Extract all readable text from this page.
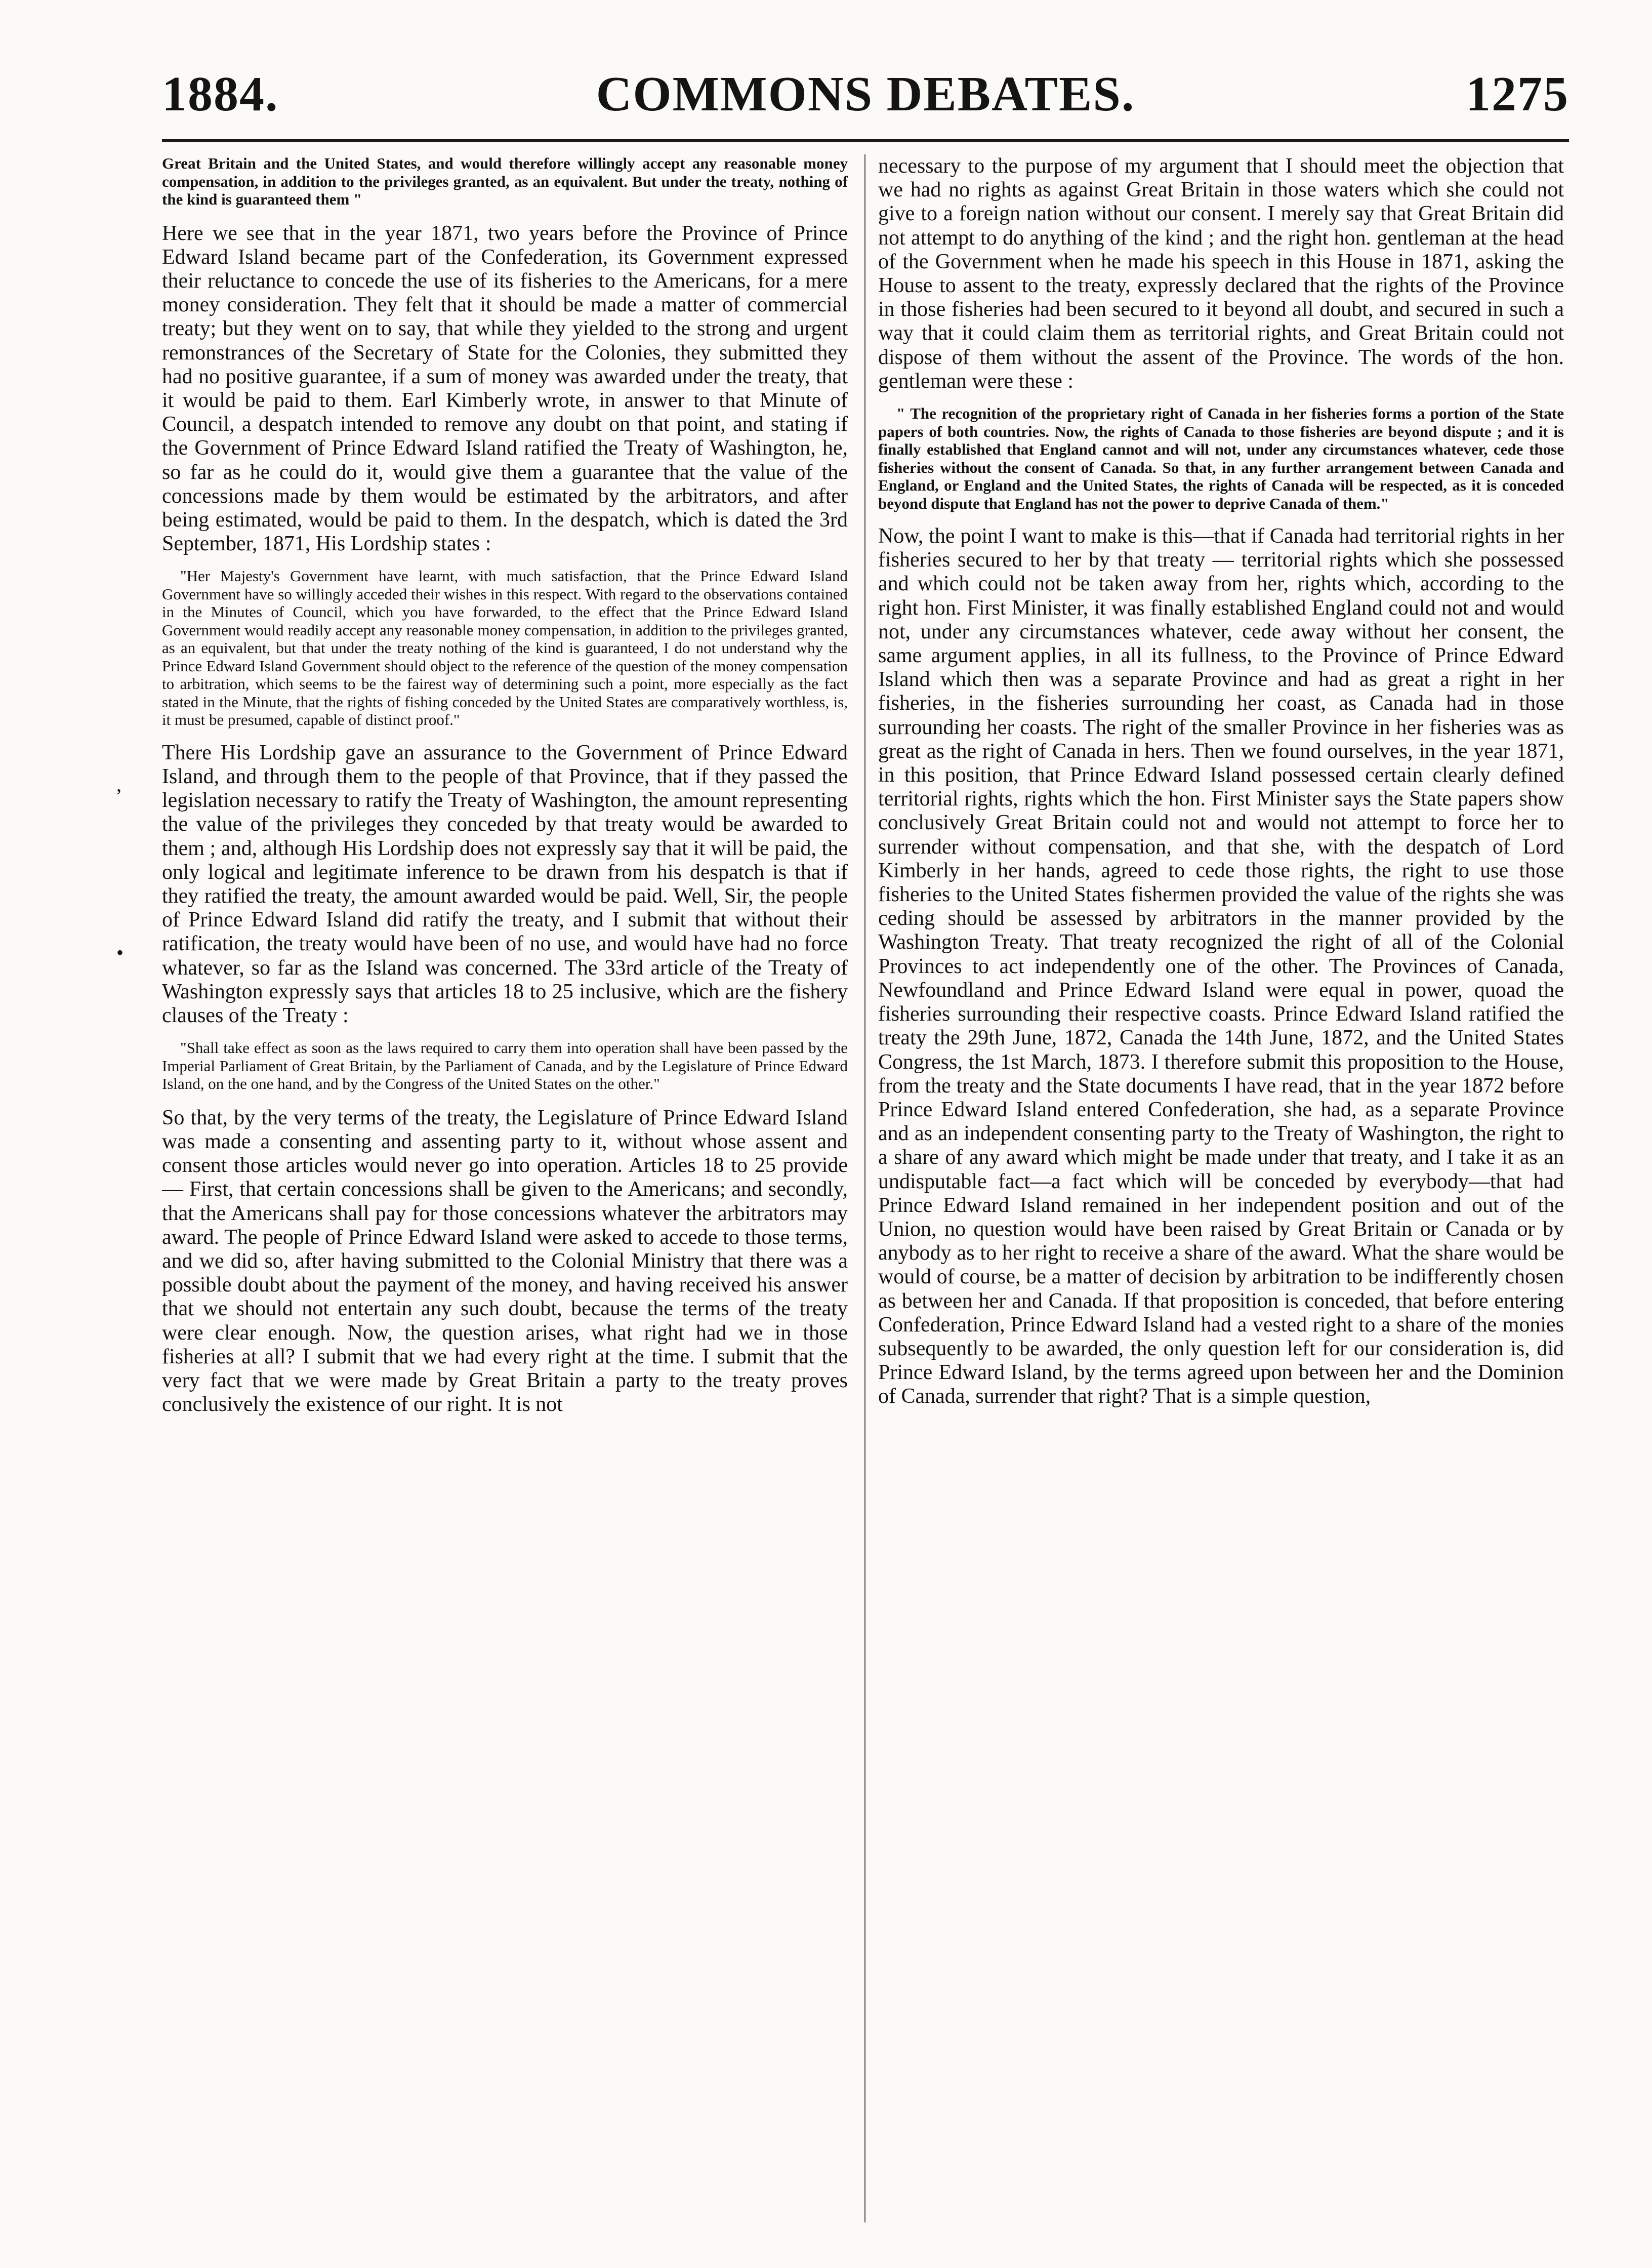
1884.	COMMONS DEBATES.	1275

Great Britain and the United States, and would therefore willingly accept any reasonable money compensation, in addition to the privileges granted, as an equivalent. But under the treaty, nothing of the kind is guaranteed them "

Here we see that in the year 1871, two years before the Province of Prince Edward Island became part of the Confederation, its Government expressed their reluctance to concede the use of its fisheries to the Americans, for a mere money consideration. They felt that it should be made a matter of commercial treaty; but they went on to say, that while they yielded to the strong and urgent remonstrances of the Secretary of State for the Colonies, they submitted they had no positive guarantee, if a sum of money was awarded under the treaty, that it would be paid to them. Earl Kimberly wrote, in answer to that Minute of Council, a despatch intended to remove any doubt on that point, and stating if the Government of Prince Edward Island ratified the Treaty of Washington, he, so far as he could do it, would give them a guarantee that the value of the concessions made by them would be estimated by the arbitrators, and after being estimated, would be paid to them. In the despatch, which is dated the 3rd September, 1871, His Lordship states :

"Her Majesty's Government have learnt, with much satisfaction, that the Prince Edward Island Government have so willingly acceded their wishes in this respect. With regard to the observations contained in the Minutes of Council, which you have forwarded, to the effect that the Prince Edward Island Government would readily accept any reasonable money compensation, in addition to the privileges granted, as an equivalent, but that under the treaty nothing of the kind is guaranteed, I do not understand why the Prince Edward Island Government should object to the reference of the question of the money compensation to arbitration, which seems to be the fairest way of determining such a point, more especially as the fact stated in the Minute, that the rights of fishing conceded by the United States are comparatively worthless, is, it must be presumed, capable of distinct proof."

There His Lordship gave an assurance to the Government of Prince Edward Island, and through them to the people of that Province, that if they passed the legislation necessary to ratify the Treaty of Washington, the amount representing the value of the privileges they conceded by that treaty would be awarded to them ; and, although His Lordship does not expressly say that it will be paid, the only logical and legitimate inference to be drawn from his despatch is that if they ratified the treaty, the amount awarded would be paid. Well, Sir, the people of Prince Edward Island did ratify the treaty, and I submit that without their ratification, the treaty would have been of no use, and would have had no force whatever, so far as the Island was concerned. The 33rd article of the Treaty of Washington expressly says that articles 18 to 25 inclusive, which are the fishery clauses of the Treaty :

"Shall take effect as soon as the laws required to carry them into operation shall have been passed by the Imperial Parliament of Great Britain, by the Parliament of Canada, and by the Legislature of Prince Edward Island, on the one hand, and by the Congress of the United States on the other."

So that, by the very terms of the treaty, the Legislature of Prince Edward Island was made a consenting and assenting party to it, without whose assent and consent those articles would never go into operation. Articles 18 to 25 provide— First, that certain concessions shall be given to the Americans; and secondly, that the Americans shall pay for those concessions whatever the arbitrators may award. The people of Prince Edward Island were asked to accede to those terms, and we did so, after having submitted to the Colonial Ministry that there was a possible doubt about the payment of the money, and having received his answer that we should not entertain any such doubt, because the terms of the treaty were clear enough. Now, the question arises, what right had we in those fisheries at all? I submit that we had every right at the time. I submit that the very fact that we were made by Great Britain a party to the treaty proves conclusively the existence of our right. It is not

necessary to the purpose of my argument that I should meet the objection that we had no rights as against Great Britain in those waters which she could not give to a foreign nation without our consent. I merely say that Great Britain did not attempt to do anything of the kind ; and the right hon. gentleman at the head of the Government when he made his speech in this House in 1871, asking the House to assent to the treaty, expressly declared that the rights of the Province in those fisheries had been secured to it beyond all doubt, and secured in such a way that it could claim them as territorial rights, and Great Britain could not dispose of them without the assent of the Province. The words of the hon. gentleman were these :

" The recognition of the proprietary right of Canada in her fisheries forms a portion of the State papers of both countries. Now, the rights of Canada to those fisheries are beyond dispute ; and it is finally established that England cannot and will not, under any circumstances whatever, cede those fisheries without the consent of Canada. So that, in any further arrangement between Canada and England, or England and the United States, the rights of Canada will be respected, as it is conceded beyond dispute that England has not the power to deprive Canada of them."

Now, the point I want to make is this—that if Canada had territorial rights in her fisheries secured to her by that treaty — territorial rights which she possessed and which could not be taken away from her, rights which, according to the right hon. First Minister, it was finally established England could not and would not, under any circumstances whatever, cede away without her consent, the same argument applies, in all its fullness, to the Province of Prince Edward Island which then was a separate Province and had as great a right in her fisheries, in the fisheries surrounding her coast, as Canada had in those surrounding her coasts. The right of the smaller Province in her fisheries was as great as the right of Canada in hers. Then we found ourselves, in the year 1871, in this position, that Prince Edward Island possessed certain clearly defined territorial rights, rights which the hon. First Minister says the State papers show conclusively Great Britain could not and would not attempt to force her to surrender without compensation, and that she, with the despatch of Lord Kimberly in her hands, agreed to cede those rights, the right to use those fisheries to the United States fishermen provided the value of the rights she was ceding should be assessed by arbitrators in the manner provided by the Washington Treaty. That treaty recognized the right of all of the Colonial Provinces to act independently one of the other. The Provinces of Canada, Newfoundland and Prince Edward Island were equal in power, quoad the fisheries surrounding their respective coasts. Prince Edward Island ratified the treaty the 29th June, 1872, Canada the 14th June, 1872, and the United States Congress, the 1st March, 1873. I therefore submit this proposition to the House, from the treaty and the State documents I have read, that in the year 1872 before Prince Edward Island entered Confederation, she had, as a separate Province and as an independent consenting party to the Treaty of Washington, the right to a share of any award which might be made under that treaty, and I take it as an undisputable fact—a fact which will be conceded by everybody—that had Prince Edward Island remained in her independent position and out of the Union, no question would have been raised by Great Britain or Canada or by anybody as to her right to receive a share of the award. What the share would be would of course, be a matter of decision by arbitration to be indifferently chosen as between her and Canada. If that proposition is conceded, that before entering Confederation, Prince Edward Island had a vested right to a share of the monies subsequently to be awarded, the only question left for our consideration is, did Prince Edward Island, by the terms agreed upon between her and the Dominion of Canada, surrender that right? That is a simple question,

,
•
